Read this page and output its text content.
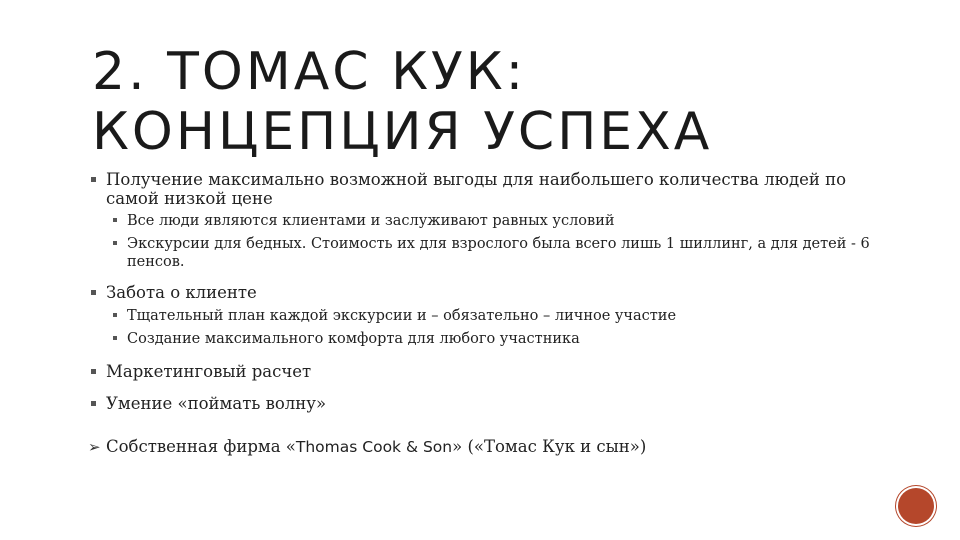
2. ТОМАС КУК:
КОНЦЕПЦИЯ УСПЕХА

Получение максимально возможной выгоды для наибольшего количества людей по самой низкой цене

Все люди являются клиентами и заслуживают равных условий

Экскурсии для бедных. Стоимость их для взрослого была всего лишь 1 шиллинг, а для детей - 6 пенсов.

Забота о клиенте

Тщательный план каждой экскурсии и – обязательно – личное участие

Создание максимального комфорта для любого участника

Маркетинговый расчет

Умение «поймать волну»

➢ Собственная фирма «Thomas Cook & Son» («Томас Кук и сын»)
